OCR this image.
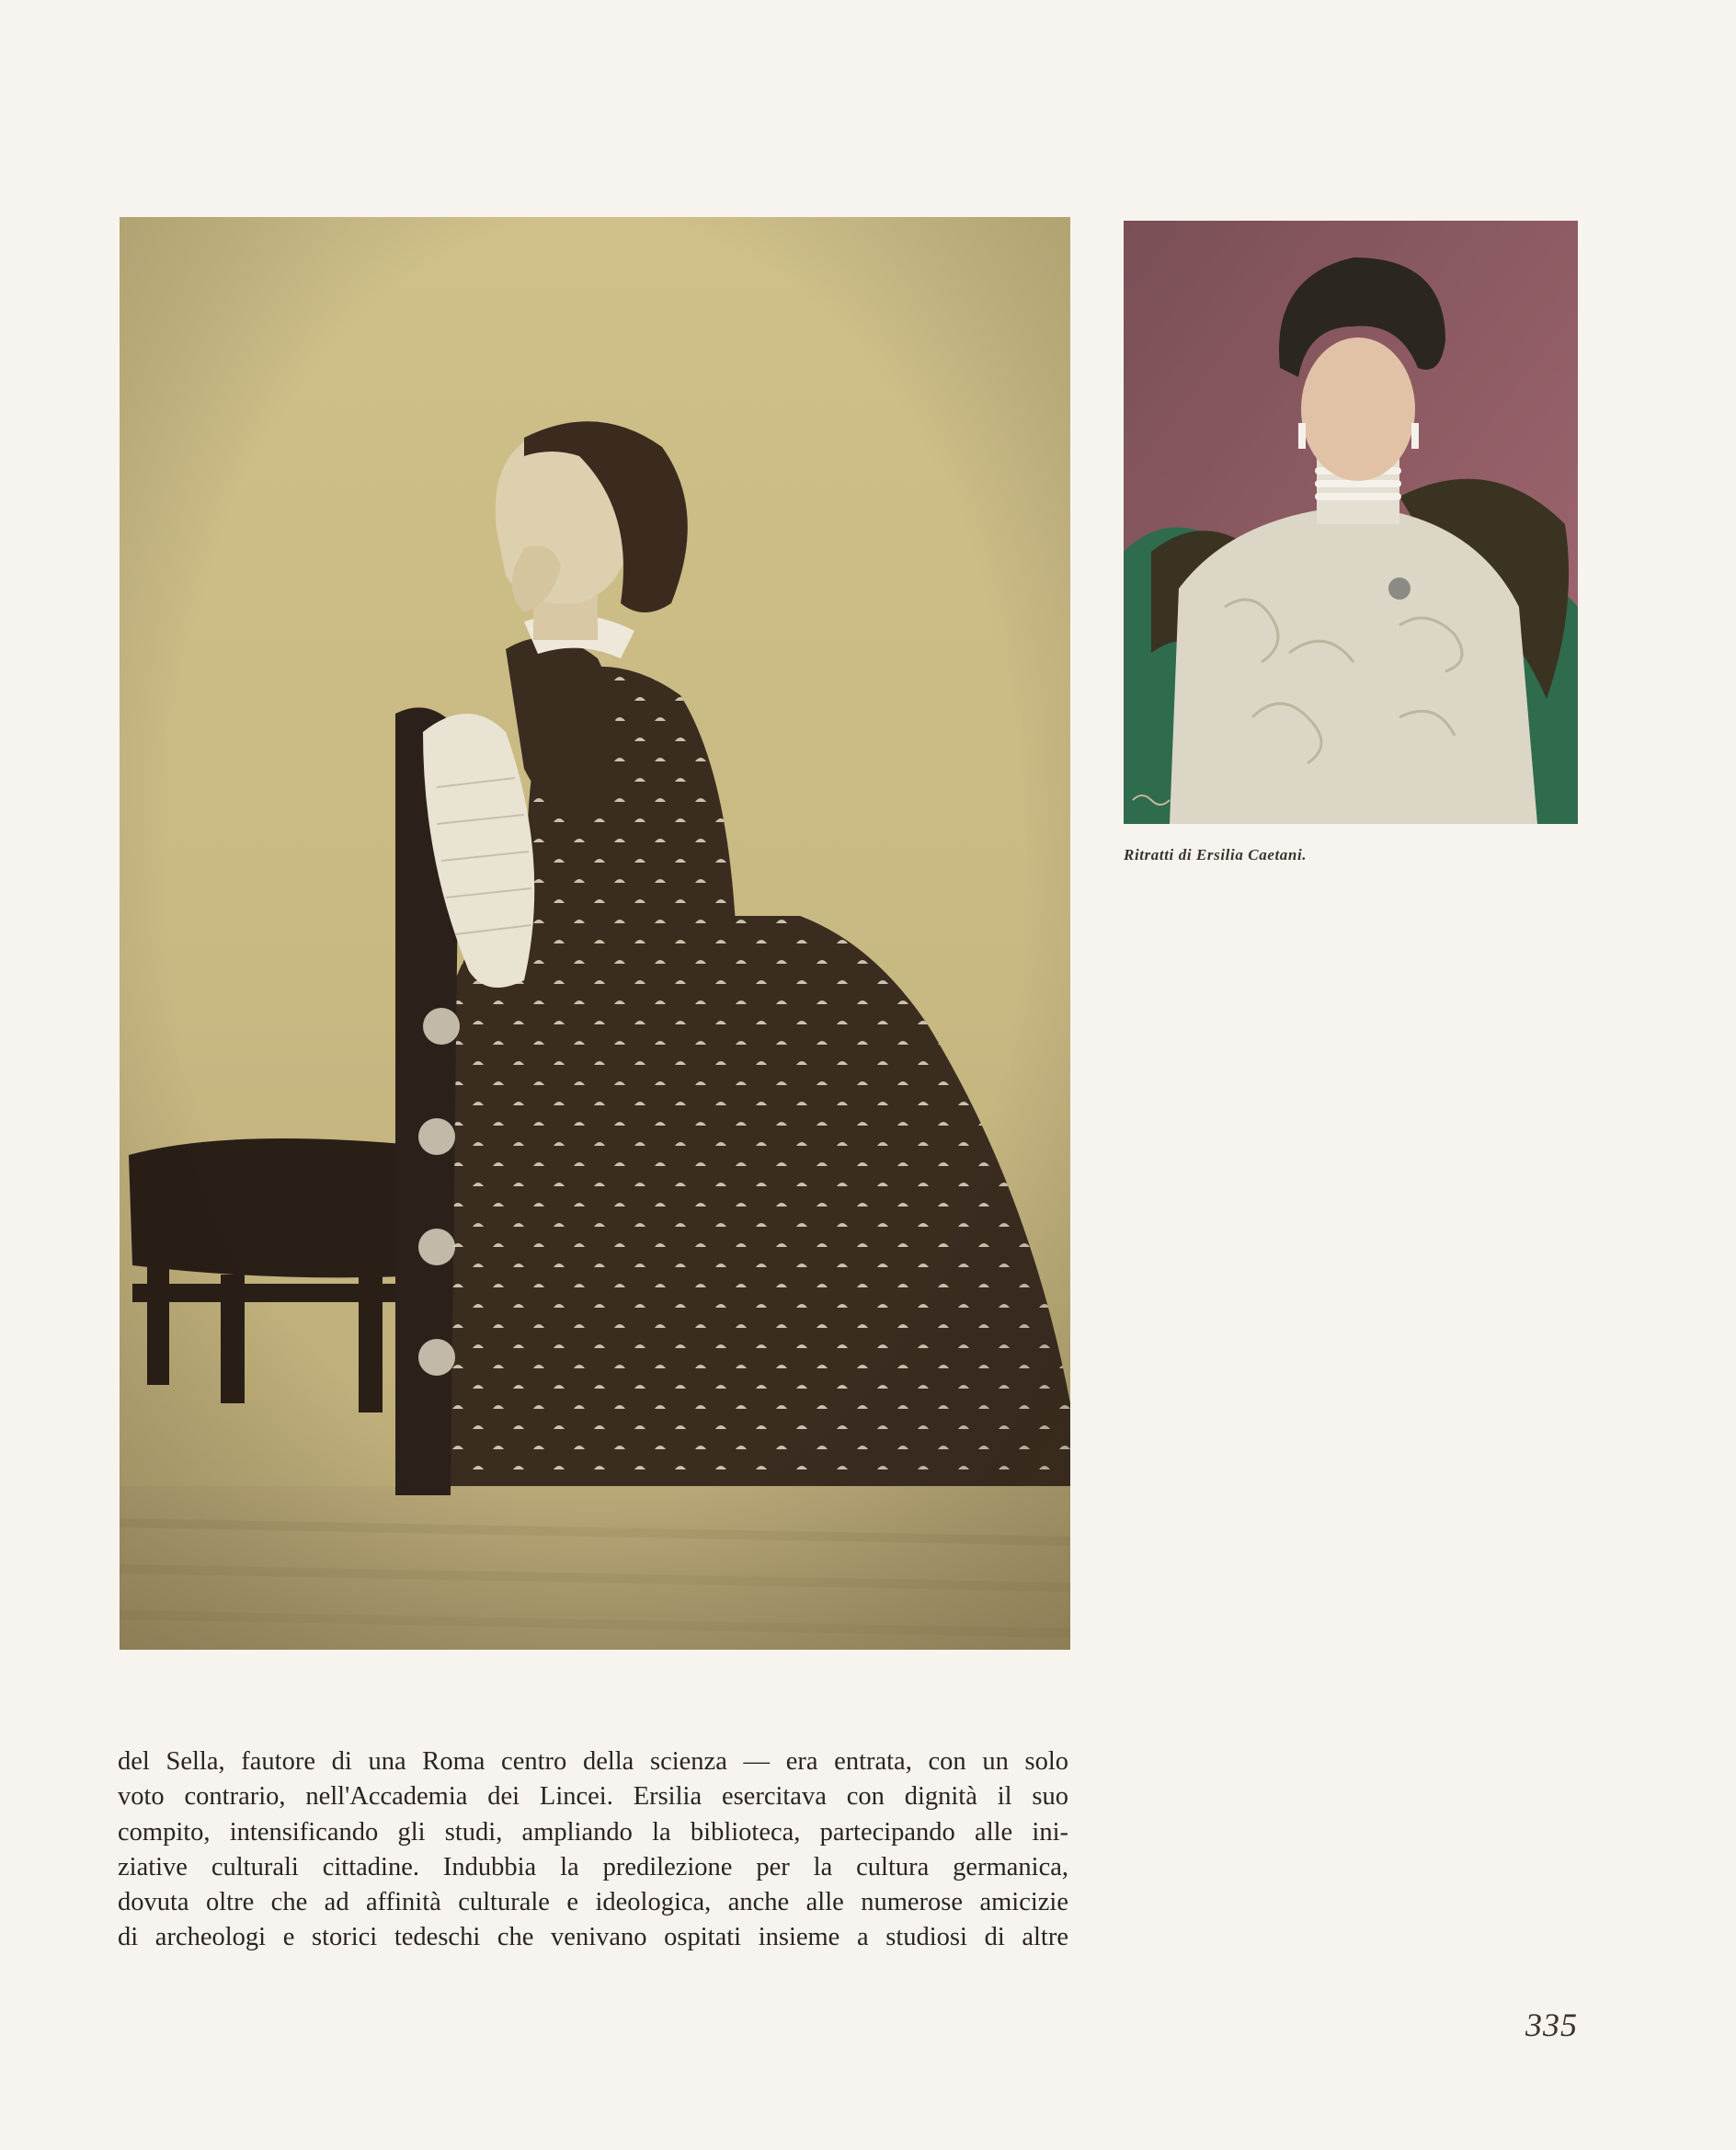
Ritratti di Ersilia Caetani.
del Sella, fautore di una Roma centro della scienza — era entrata, con un solo
voto contrario, nell'Accademia dei Lincei. Ersilia esercitava con dignità il suo
compito, intensificando gli studi, ampliando la biblioteca, partecipando alle ini-
ziative culturali cittadine. Indubbia la predilezione per la cultura germanica,
dovuta oltre che ad affinità culturale e ideologica, anche alle numerose amicizie
di archeologi e storici tedeschi che venivano ospitati insieme a studiosi di altre
335
